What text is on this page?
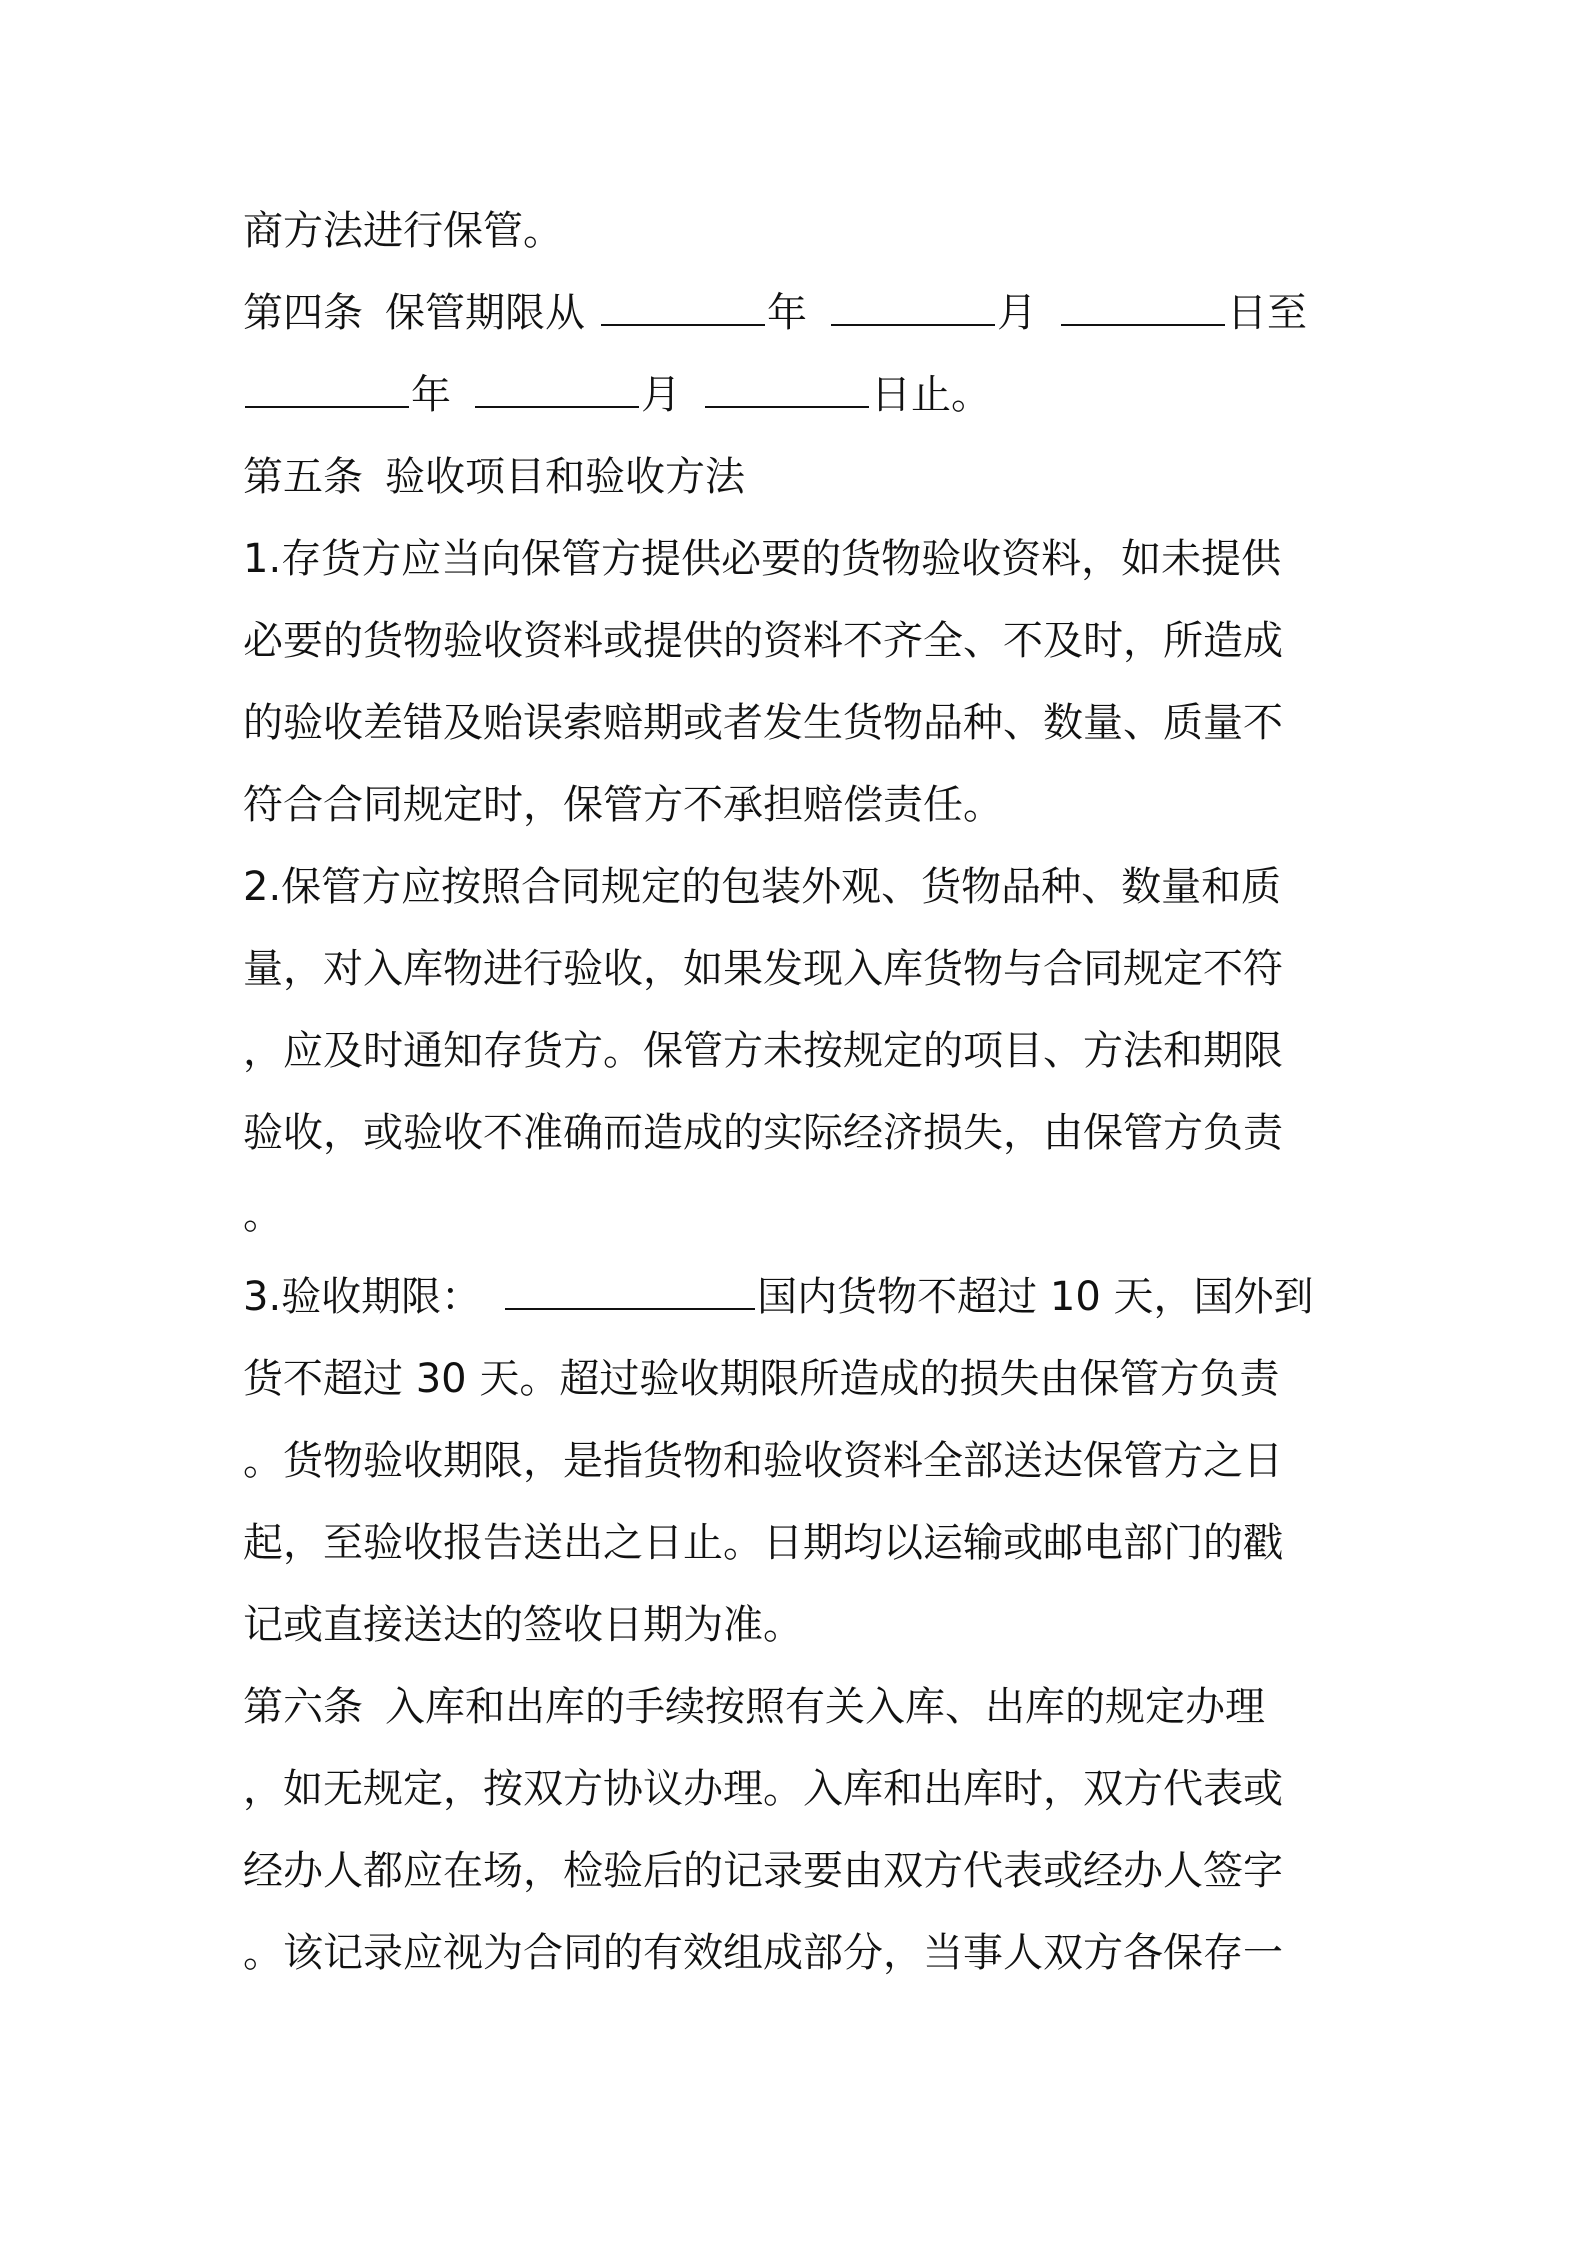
商方法进行保管。

第四条 保管期限从	年	月	日至

年	月	日止。

第五条 验收项目和验收方法

1.存货方应当向保管方提供必要的货物验收资料，如未提供

必要的货物验收资料或提供的资料不齐全、不及时，所造成

的验收差错及贻误索赔期或者发生货物品种、数量、质量不

符合合同规定时，保管方不承担赔偿责任。

2.保管方应按照合同规定的包装外观、货物品种、数量和质

量，对入库物进行验收，如果发现入库货物与合同规定不符

，应及时通知存货方。保管方未按规定的项目、方法和期限

验收，或验收不准确而造成的实际经济损失，由保管方负责

。

3.验收期限：	国内货物不超过 10 天，国外到

货不超过 30 天。超过验收期限所造成的损失由保管方负责

。货物验收期限，是指货物和验收资料全部送达保管方之日

起，至验收报告送出之日止。日期均以运输或邮电部门的戳

记或直接送达的签收日期为准。

第六条 入库和出库的手续按照有关入库、出库的规定办理

，如无规定，按双方协议办理。入库和出库时，双方代表或

经办人都应在场，检验后的记录要由双方代表或经办人签字

。该记录应视为合同的有效组成部分，当事人双方各保存一
